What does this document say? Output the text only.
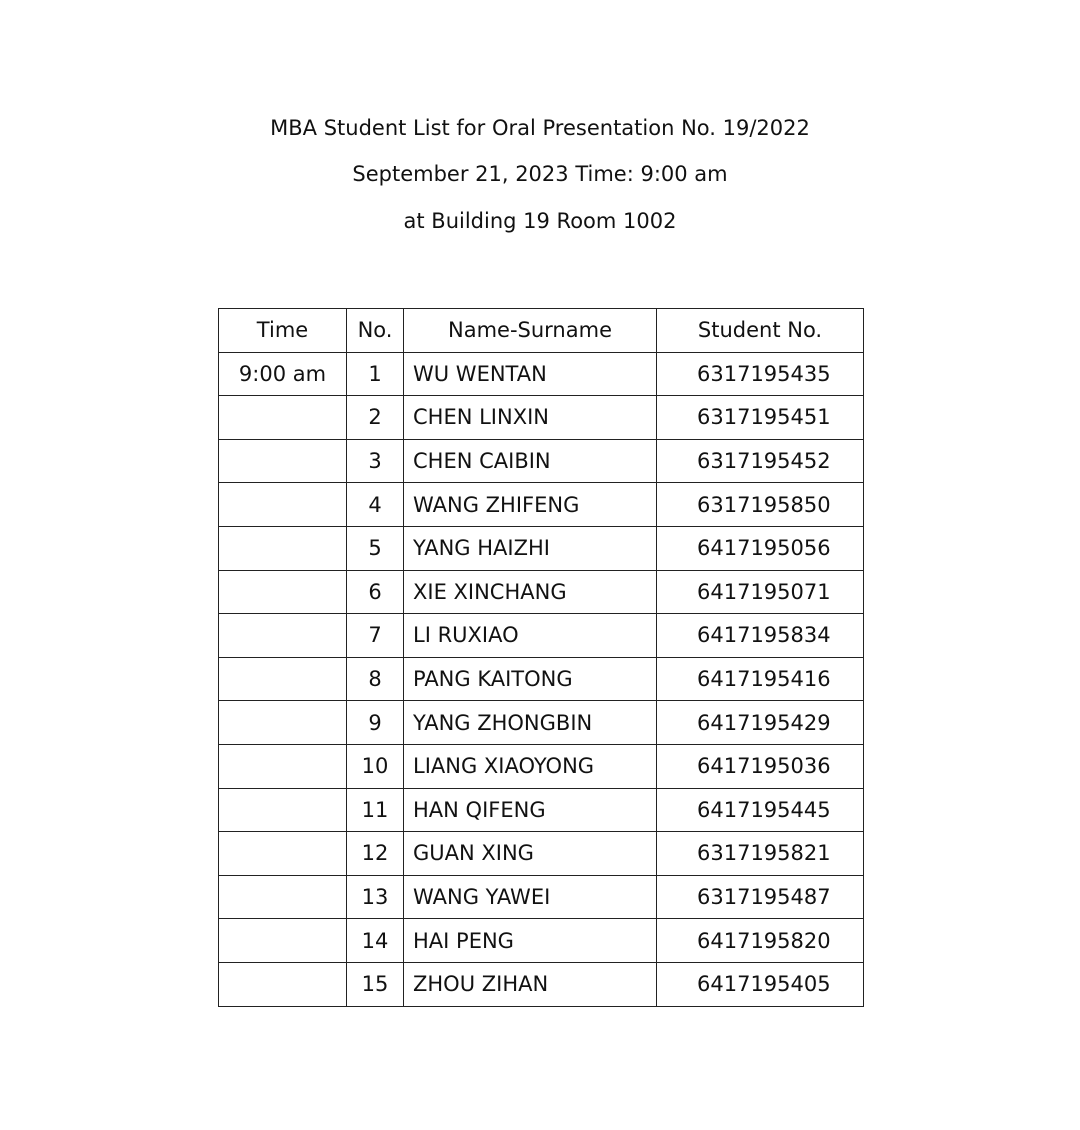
MBA Student List for Oral Presentation No. 19/2022
September 21, 2023 Time: 9:00 am
at Building 19 Room 1002
Time	No.	Name-Surname	Student No.
9:00 am	1	WU WENTAN	6317195435
	2	CHEN LINXIN	6317195451
	3	CHEN CAIBIN	6317195452
	4	WANG ZHIFENG	6317195850
	5	YANG HAIZHI	6417195056
	6	XIE XINCHANG	6417195071
	7	LI RUXIAO	6417195834
	8	PANG KAITONG	6417195416
	9	YANG ZHONGBIN	6417195429
	10	LIANG XIAOYONG	6417195036
	11	HAN QIFENG	6417195445
	12	GUAN XING	6317195821
	13	WANG YAWEI	6317195487
	14	HAI PENG	6417195820
	15	ZHOU ZIHAN	6417195405
